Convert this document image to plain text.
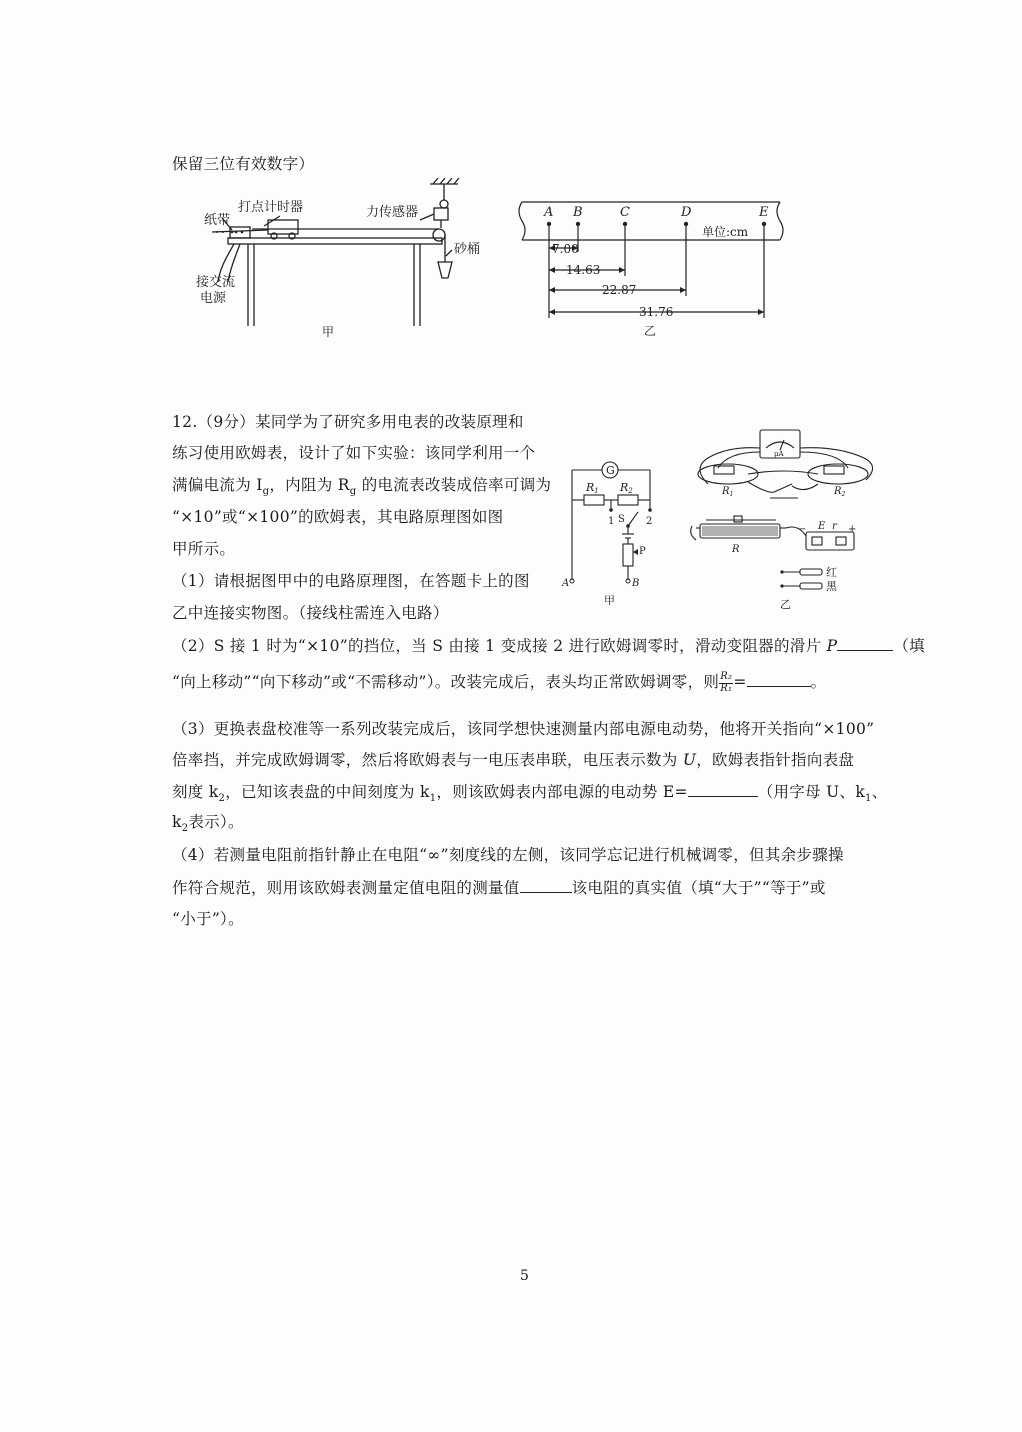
保留三位有效数字）
打点计时器
纸带
力传感器
砂桶
接交流
电源
甲
A B	C	D	E
单位:cm
7.00
14.63
22.87
31.76
乙
12.（9分）某同学为了研究多用电表的改装原理和
练习使用欧姆表，设计了如下实验：该同学利用一个
满偏电流为 $I_g$，内阻为 $R_g$ 的电流表改装成倍率可调为
“×10”或“×100”的欧姆表，其电路原理图如图
甲所示。
（1）请根据图甲中的电路原理图，在答题卡上的图
乙中连接实物图。（接线柱需连入电路）
G
R1 R2
1 S 2
P
A	B
甲
μA
$R_1$	$R_2$
R
E r
−	+
红
黑
乙
（2）S 接 1 时为“×10”的挡位，当 S 由接 1 变成接 2 进行欧姆调零时，滑动变阻器的滑片 P	（填
“向上移动”“向下移动”或“不需移动”）。改装完成后，表头均正常欧姆调零，则 $\frac{\text{R₂}}{\text{R₁}}$ =	。
（3）更换表盘校准等一系列改装完成后，该同学想快速测量内部电源电动势，他将开关指向“×100”
倍率挡，并完成欧姆调零，然后将欧姆表与一电压表串联，电压表示数为 U，欧姆表指针指向表盘
刻度 $k_2$，已知该表盘的中间刻度为 $k_1$，则该欧姆表内部电源的电动势 E=	（用字母 U、$k_1$、
$k_2$表示）。
（4）若测量电阻前指针静止在电阻“∞”刻度线的左侧，该同学忘记进行机械调零，但其余步骤操
作符合规范，则用该欧姆表测量定值电阻的测量值	该电阻的真实值（填“大于”“等于”或
“小于”）。
5
